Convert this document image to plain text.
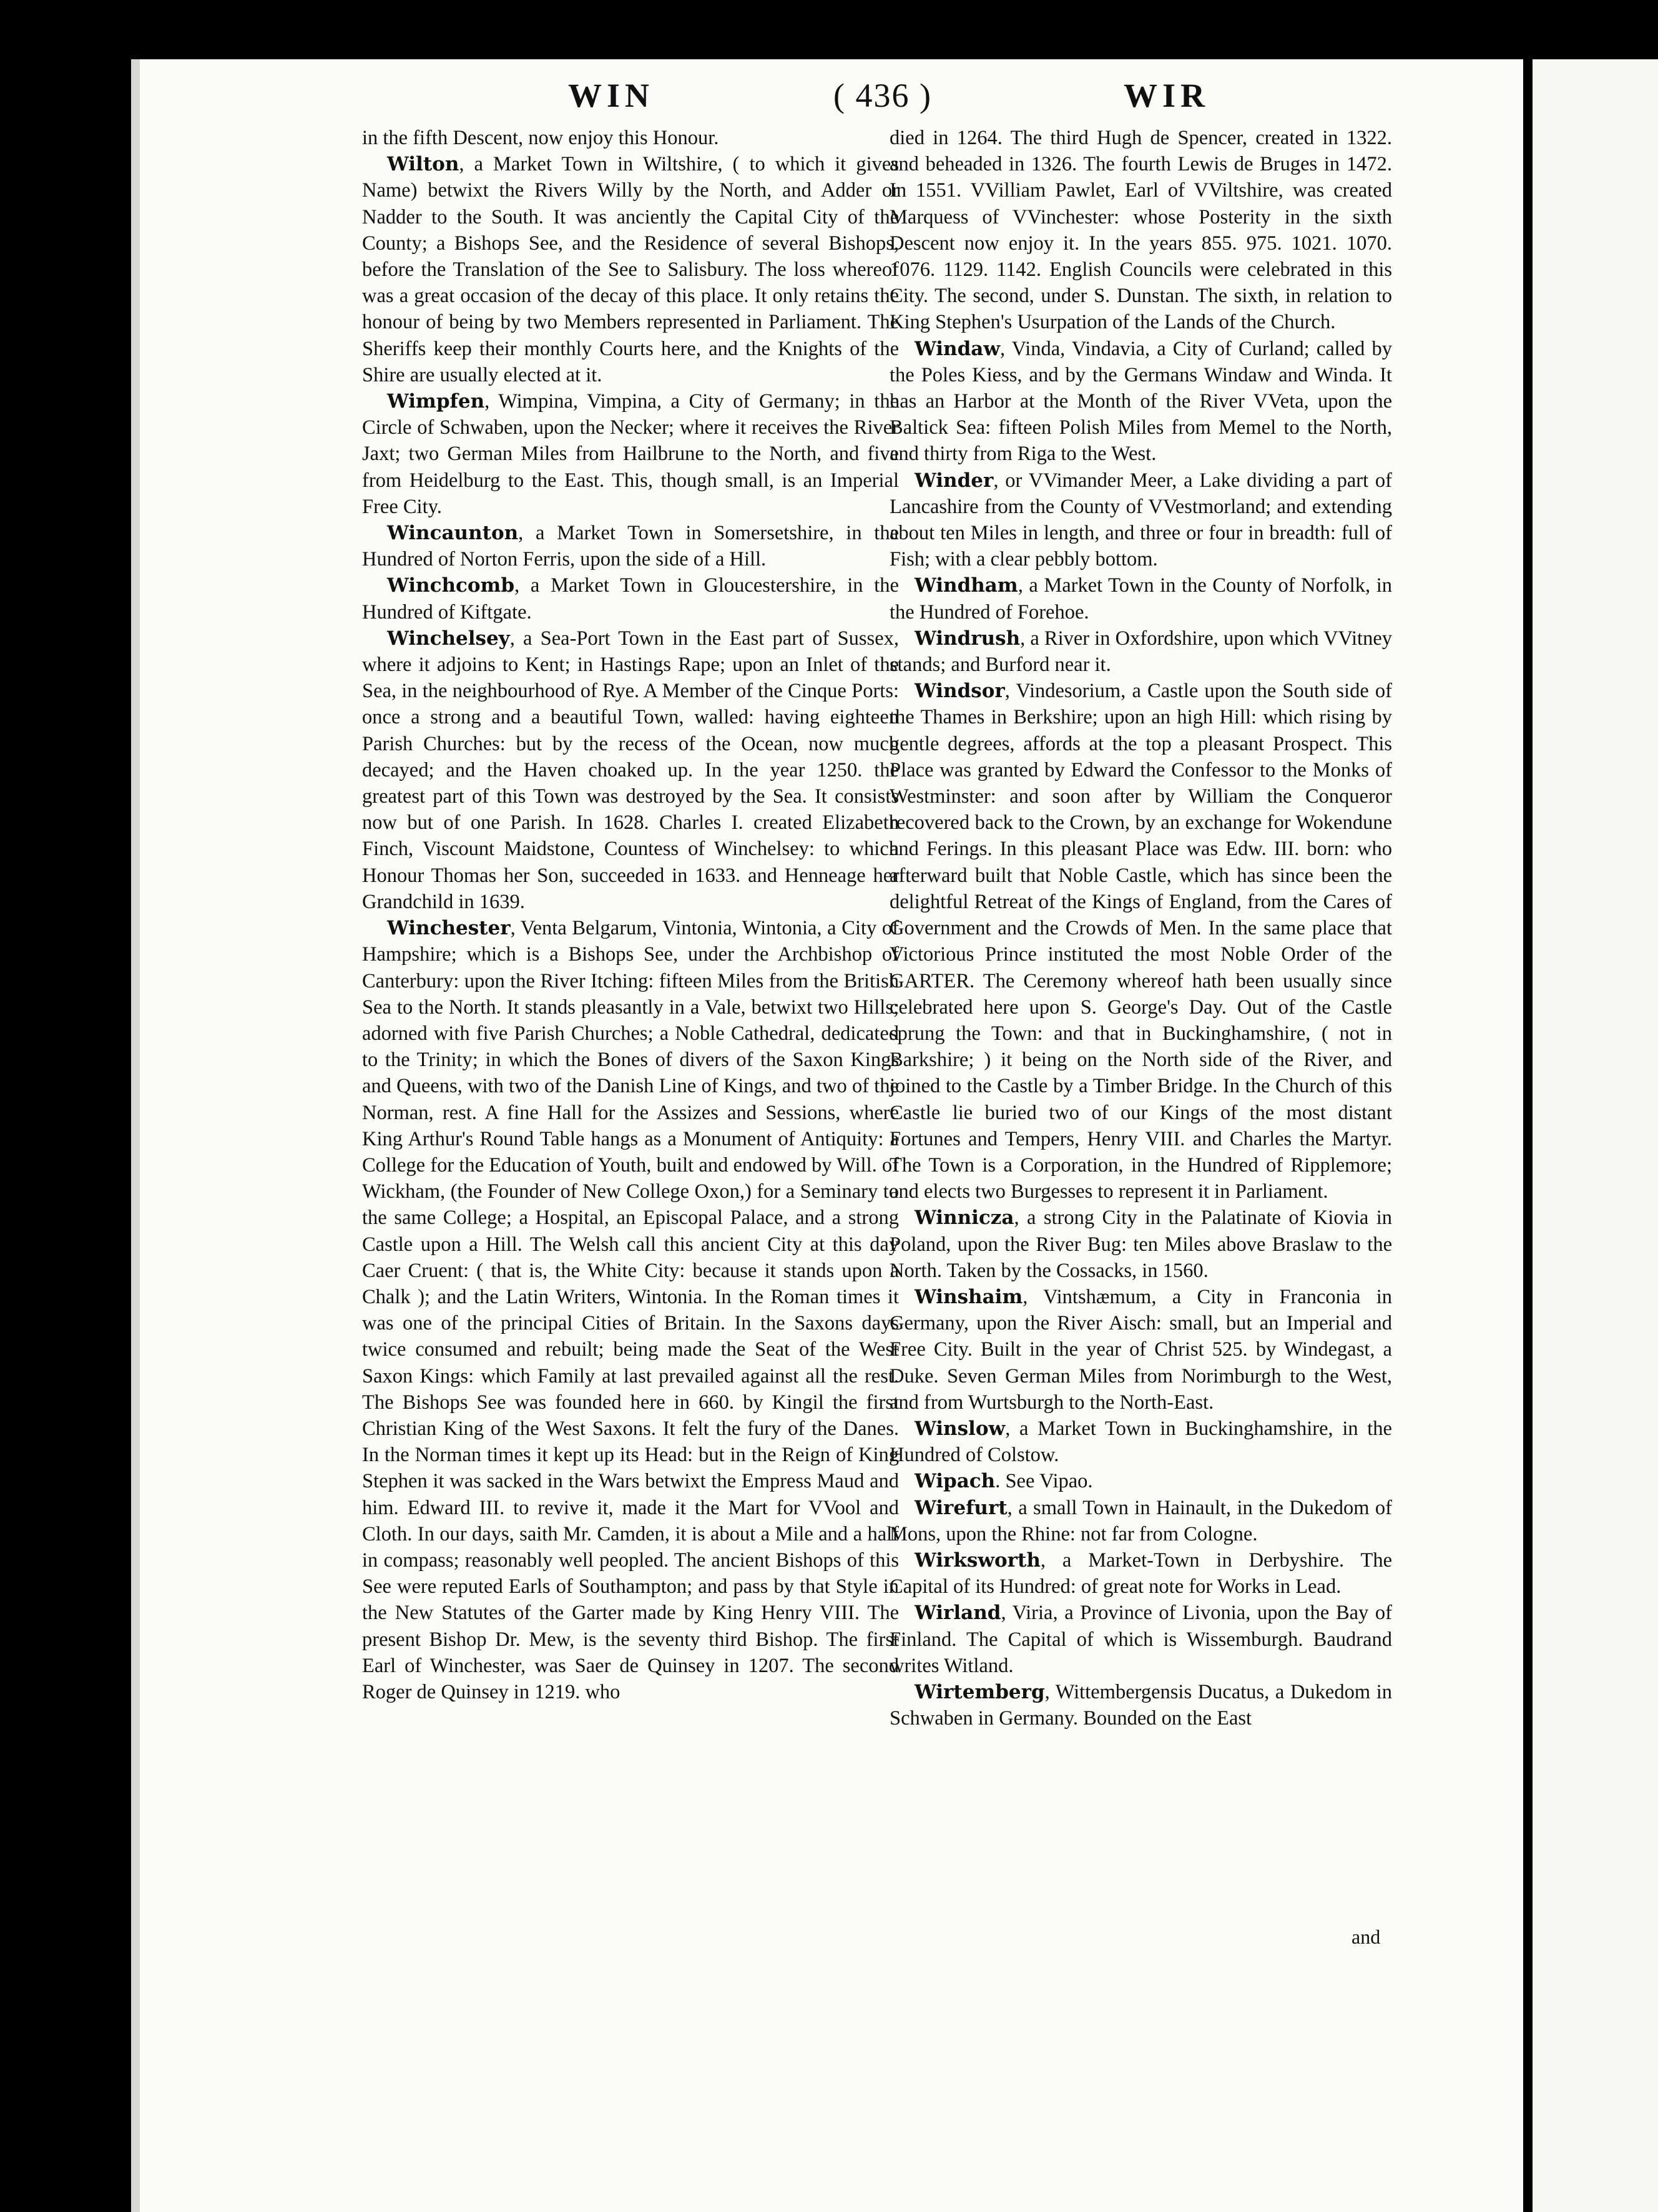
WIN	( 436 )	WIR

in the fifth Descent, now enjoy this Honour.

Wilton, a Market Town in Wiltshire, ( to which it gives Name) betwixt the Rivers Willy by the North, and Adder or Nadder to the South. It was anciently the Capital City of the County; a Bishops See, and the Residence of several Bishops, before the Translation of the See to Salisbury. The loss whereof was a great occasion of the decay of this place. It only retains the honour of being by two Members represented in Parliament. The Sheriffs keep their monthly Courts here, and the Knights of the Shire are usually elected at it.

Wimpfen, Wimpina, Vimpina, a City of Germany; in the Circle of Schwaben, upon the Necker; where it receives the River Jaxt; two German Miles from Hailbrune to the North, and five from Heidelburg to the East. This, though small, is an Imperial Free City.

Wincaunton, a Market Town in Somersetshire, in the Hundred of Norton Ferris, upon the side of a Hill.

Winchcomb, a Market Town in Gloucestershire, in the Hundred of Kiftgate.

Winchelsey, a Sea-Port Town in the East part of Sussex, where it adjoins to Kent; in Hastings Rape; upon an Inlet of the Sea, in the neighbourhood of Rye. A Member of the Cinque Ports: once a strong and a beautiful Town, walled: having eighteen Parish Churches: but by the recess of the Ocean, now much decayed; and the Haven choaked up. In the year 1250. the greatest part of this Town was destroyed by the Sea. It consists now but of one Parish. In 1628. Charles I. created Elizabeth Finch, Viscount Maidstone, Countess of Winchelsey: to which Honour Thomas her Son, succeeded in 1633. and Henneage her Grandchild in 1639.

Winchester, Venta Belgarum, Vintonia, Wintonia, a City of Hampshire; which is a Bishops See, under the Archbishop of Canterbury: upon the River Itching: fifteen Miles from the British Sea to the North. It stands pleasantly in a Vale, betwixt two Hills; adorned with five Parish Churches; a Noble Cathedral, dedicated to the Trinity; in which the Bones of divers of the Saxon Kings and Queens, with two of the Danish Line of Kings, and two of the Norman, rest. A fine Hall for the Assizes and Sessions, where King Arthur's Round Table hangs as a Monument of Antiquity: a College for the Education of Youth, built and endowed by Will. of Wickham, (the Founder of New College Oxon,) for a Seminary to the same College; a Hospital, an Episcopal Palace, and a strong Castle upon a Hill. The Welsh call this ancient City at this day Caer Cruent: ( that is, the White City: because it stands upon a Chalk ); and the Latin Writers, Wintonia. In the Roman times it was one of the principal Cities of Britain. In the Saxons days twice consumed and rebuilt; being made the Seat of the West Saxon Kings: which Family at last prevailed against all the rest. The Bishops See was founded here in 660. by Kingil the first Christian King of the West Saxons. It felt the fury of the Danes. In the Norman times it kept up its Head: but in the Reign of King Stephen it was sacked in the Wars betwixt the Empress Maud and him. Edward III. to revive it, made it the Mart for VVool and Cloth. In our days, saith Mr. Camden, it is about a Mile and a half in compass; reasonably well peopled. The ancient Bishops of this See were reputed Earls of Southampton; and pass by that Style in the New Statutes of the Garter made by King Henry VIII. The present Bishop Dr. Mew, is the seventy third Bishop. The first Earl of Winchester, was Saer de Quinsey in 1207. The second Roger de Quinsey in 1219. who

died in 1264. The third Hugh de Spencer, created in 1322. and beheaded in 1326. The fourth Lewis de Bruges in 1472. In 1551. VVilliam Pawlet, Earl of VViltshire, was created Marquess of VVinchester: whose Posterity in the sixth Descent now enjoy it. In the years 855. 975. 1021. 1070. 1076. 1129. 1142. English Councils were celebrated in this City. The second, under S. Dunstan. The sixth, in relation to King Stephen's Usurpation of the Lands of the Church.

Windaw, Vinda, Vindavia, a City of Curland; called by the Poles Kiess, and by the Germans Windaw and Winda. It has an Harbor at the Month of the River VVeta, upon the Baltick Sea: fifteen Polish Miles from Memel to the North, and thirty from Riga to the West.

Winder, or VVimander Meer, a Lake dividing a part of Lancashire from the County of VVestmorland; and extending about ten Miles in length, and three or four in breadth: full of Fish; with a clear pebbly bottom.

Windham, a Market Town in the County of Norfolk, in the Hundred of Forehoe.

Windrush, a River in Oxfordshire, upon which VVitney stands; and Burford near it.

Windsor, Vindesorium, a Castle upon the South side of the Thames in Berkshire; upon an high Hill: which rising by gentle degrees, affords at the top a pleasant Prospect. This Place was granted by Edward the Confessor to the Monks of Westminster: and soon after by William the Conqueror recovered back to the Crown, by an exchange for Wokendune and Ferings. In this pleasant Place was Edw. III. born: who afterward built that Noble Castle, which has since been the delightful Retreat of the Kings of England, from the Cares of Government and the Crowds of Men. In the same place that Victorious Prince instituted the most Noble Order of the GARTER. The Ceremony whereof hath been usually since celebrated here upon S. George's Day. Out of the Castle sprung the Town: and that in Buckinghamshire, ( not in Barkshire; ) it being on the North side of the River, and joined to the Castle by a Timber Bridge. In the Church of this Castle lie buried two of our Kings of the most distant Fortunes and Tempers, Henry VIII. and Charles the Martyr. The Town is a Corporation, in the Hundred of Ripplemore; and elects two Burgesses to represent it in Parliament.

Winnicza, a strong City in the Palatinate of Kiovia in Poland, upon the River Bug: ten Miles above Braslaw to the North. Taken by the Cossacks, in 1560.

Winshaim, Vintshæmum, a City in Franconia in Germany, upon the River Aisch: small, but an Imperial and Free City. Built in the year of Christ 525. by Windegast, a Duke. Seven German Miles from Norimburgh to the West, and from Wurtsburgh to the North-East.

Winslow, a Market Town in Buckinghamshire, in the Hundred of Colstow.

Wipach. See Vipao.

Wirefurt, a small Town in Hainault, in the Dukedom of Mons, upon the Rhine: not far from Cologne.

Wirksworth, a Market-Town in Derbyshire. The Capital of its Hundred: of great note for Works in Lead.

Wirland, Viria, a Province of Livonia, upon the Bay of Finland. The Capital of which is Wissemburgh. Baudrand writes Witland.

Wirtemberg, Wittembergensis Ducatus, a Dukedom in Schwaben in Germany. Bounded on the East

and
